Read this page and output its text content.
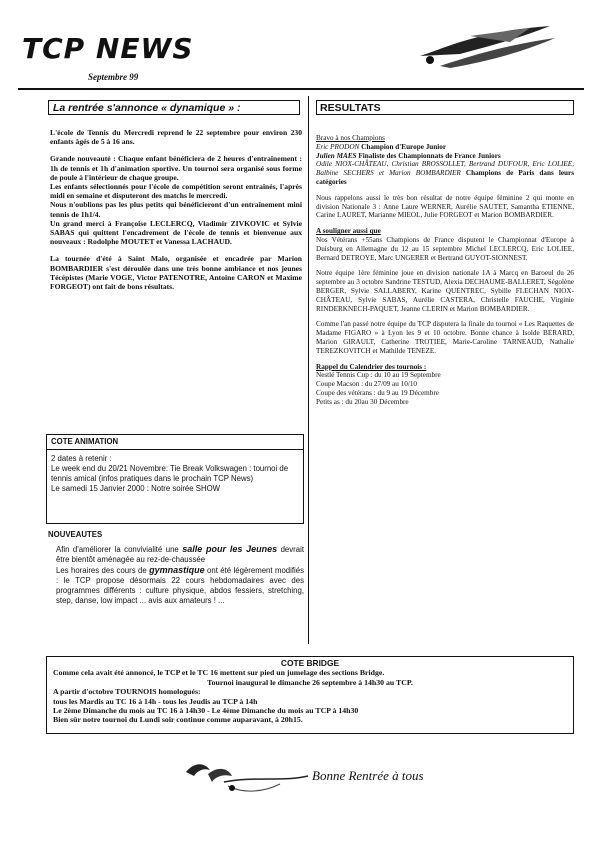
TCP NEWS
Septembre 99
La rentrée s'annonce « dynamique » :	RESULTATS

L'école de Tennis du Mercredi reprend le 22 septembre pour environ 230 enfants âgés de 5 à 16 ans.

Grande nouveauté : Chaque enfant bénéficiera de 2 heures d'entraînement : 1h de tennis et 1h d'animation sportive. Un tournoi sera organisé sous forme de poule à l'intérieur de chaque groupe.

Les enfants sélectionnés pour l'école de compétition seront entraînés, l'après midi en semaine et disputeront des matchs le mercredi.

Nous n'oublions pas les plus petits qui bénéficieront d'un entraînement mini tennis de 1h1/4.

Un grand merci à Françoise LECLERCQ, Vladimir ZIVKOVIC et Sylvie SABAS qui quittent l'encadrement de l'école de tennis et bienvenue aux nouveaux : Rodolphe MOUTET et Vanessa LACHAUD.

La tournée d'été à Saint Malo, organisée et encadrée par Marion BOMBARDIER s'est déroulée dans une très bonne ambiance et nos jeunes Técépistes (Marie VOGE, Victor PATENOTRE, Antoine CARON et Maxime FORGEOT) ont fait de bons résultats.

COTE ANIMATION
2 dates à retenir :
Le week end du 20/21 Novembre: Tie Break Volkswagen : tournoi de tennis amical (infos pratiques dans le prochain TCP News)
Le samedi 15 Janvier 2000 : Notre soirée SHOW
NOUVEAUTES
Afin d'améliorer la convivialité une salle pour les Jeunes devrait être bientôt aménagée au rez-de-chaussée
Les horaires des cours de gymnastique ont été légèrement modifiés : le TCP propose désormais 22 cours hebdomadaires avec des programmes différents : culture physique, abdos fessiers, stretching, step, danse, low impact ... avis aux amateurs ! ...
Bravo à nos Champions
Eric PRODON Champion d'Europe Junior
Julien MAES Finaliste des Championnats de France Juniors
Odile NIOX-CHÂTEAU, Christian BROSSOLLET, Bertrand DUFOUR, Eric LOLIEE, Balbine SECHERS et Marion BOMBARDIER Champions de Paris dans leurs catégories

Nous rappelons aussi le très bon résultat de notre équipe féminine 2 qui monte en division Nationale 3 : Anne Laure WERNER, Aurélie SAUTET, Samantha ETIENNE, Carine LAURET, Marianne MIEOL, Julie FORGEOT et Marion BOMBARDIER.

A souligner aussi que

Nos Vétérans +55ans Champions de France disputent le Championnat d'Europe à Duisburg en Allemagne du 12 au 15 septembre Michel LECLERCQ, Eric LOLIEE, Bernard DETROYE, Marc UNGERER et Bertrand GUYOT-SIONNEST.

Notre équipe 1ère féminine joue en division nationale 1A à Marcq en Baroeul du 26 septembre au 3 octobre Sandrine TESTUD, Alexia DECHAUME-BALLERET, Ségolène BERGER, Sylvie SALLABERY, Karine QUENTREC, Sybille FLECHAN NIOX-CHÂTEAU, Sylvie SABAS, Aurélie CASTERA, Christelle FAUCHE, Virginie RINDERKNECH-PAQUET, Jeanne CLERIN et Marion BOMBARDIER.

Comme l'an passé notre équipe du TCP disputera la finale du tournoi « Les Raquettes de Madame FIGARO » à Lyon les 9 et 10 octobre. Bonne chance à Isolde BERARD, Marion GIRAULT, Catherine TROTIEE, Marie-Caroline TARNEAUD, Nathalie TEREZKOVITCH et Mathilde TENEZE.

Rappel du Calendrier des tournois :
Nestlé Tennis Cup : du 10 au 19 Septembre
Coupe Macson : du 27/09 au 10/10
Coupe des vétérans : du 9 au 19 Décembre
Petits as : du 20au 30 Décembre
COTE BRIDGE
Comme cela avait été annoncé, le TCP et le TC 16 mettent sur pied un jumelage des sections Bridge.
Tournoi inaugural le dimanche 26 septembre à 14h30 au TCP.
A partir d'octobre TOURNOIS homologués:
tous les Mardis au TC 16 à 14h - tous les Jeudis au TCP à 14h
Le 2ème Dimanche du mois au TC 16 à 14h30 - Le 4ème Dimanche du mois au TCP à 14h30
Bien sûr notre tournoi du Lundi soir continue comme auparavant, à 20h15.
Bonne Rentrée à tous
